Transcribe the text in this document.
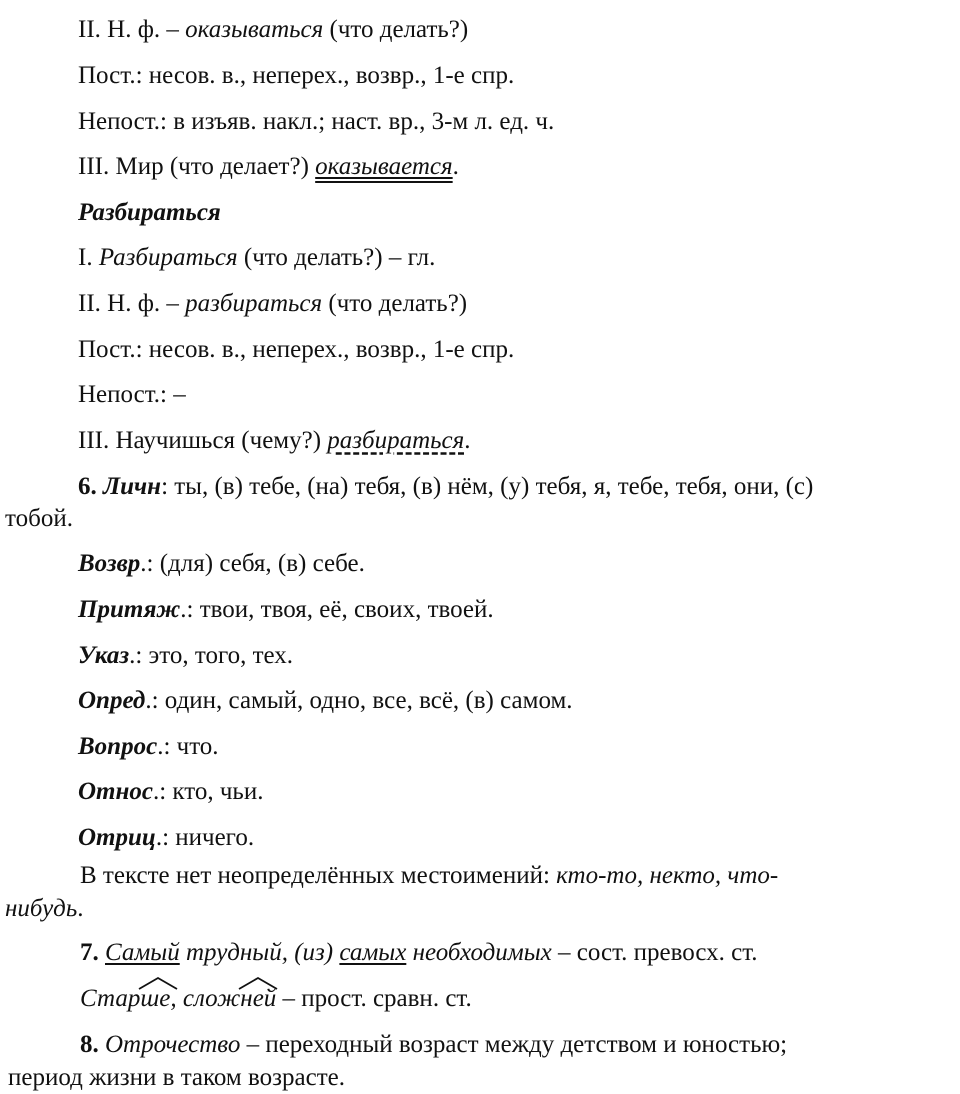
II. Н. ф. – оказываться (что делать?)
Пост.: несов. в., неперех., возвр., 1-е спр.
Непост.: в изъяв. накл.; наст. вр., 3-м л. ед. ч.
III. Мир (что делает?) оказывается.
Разбираться
I. Разбираться (что делать?) – гл.
II. Н. ф. – разбираться (что делать?)
Пост.: несов. в., неперех., возвр., 1-е спр.
Непост.: –
III. Научишься (чему?) разбираться.
6. Личн: ты, (в) тебе, (на) тебя, (в) нём, (у) тебя, я, тебе, тебя, они, (с)
тобой.
Возвр.: (для) себя, (в) себе.
Притяж.: твои, твоя, её, своих, твоей.
Указ.: это, того, тех.
Опред.: один, самый, одно, все, всё, (в) самом.
Вопрос.: что.
Относ.: кто, чьи.
Отриц.: ничего.
В тексте нет неопределённых местоимений: кто-то, некто, что-
нибудь.
7. Самый трудный, (из) самых необходимых – сост. превосх. ст.
Стар
ше, слож
ней – прост. сравн. ст.
8. Отрочество – переходный возраст между детством и юностью;
период жизни в таком возрасте.
